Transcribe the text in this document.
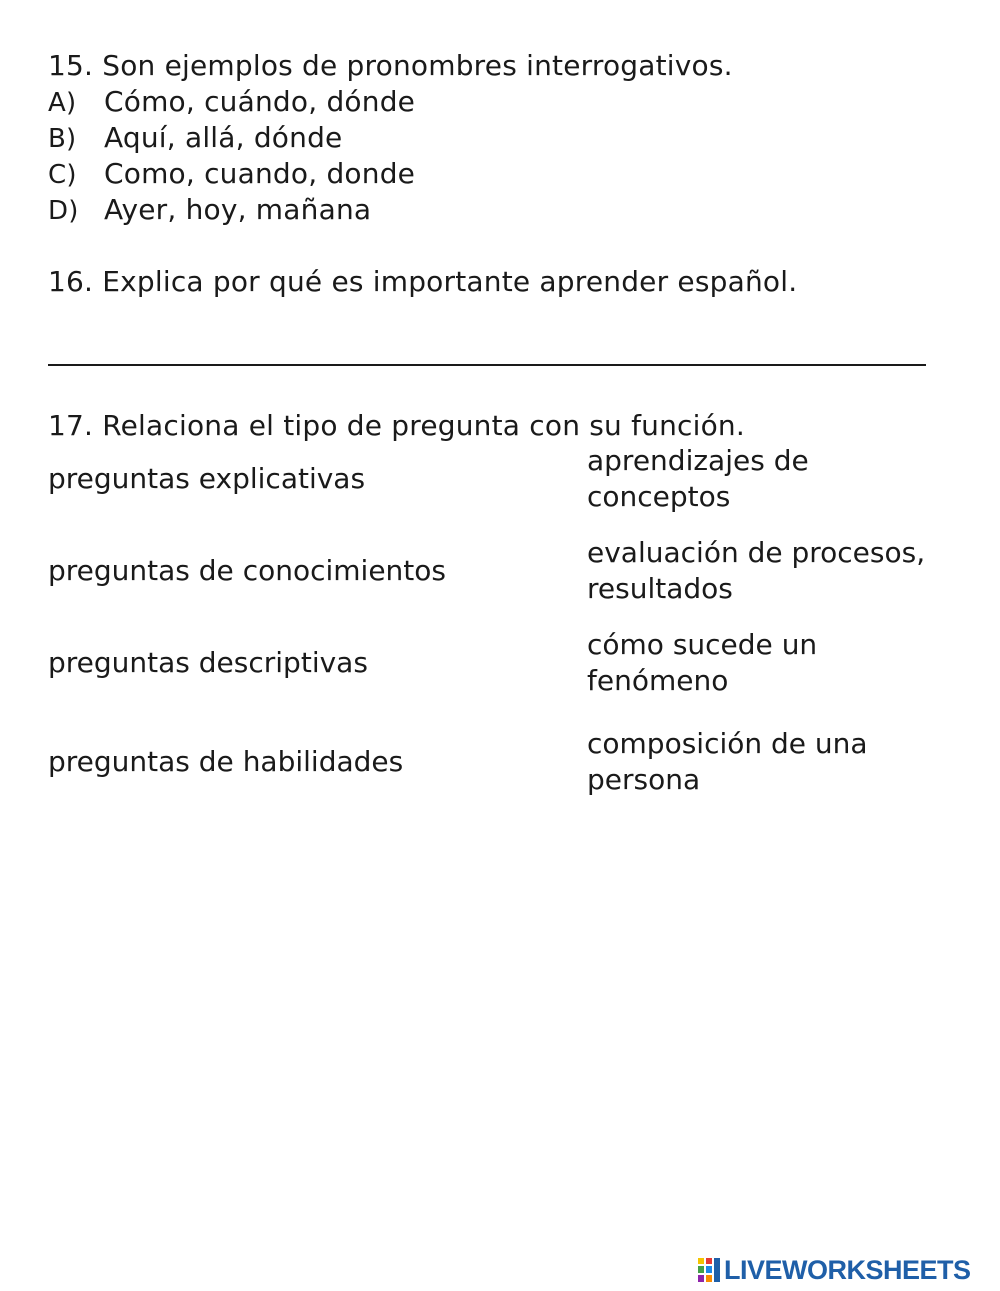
15. Son ejemplos de pronombres interrogativos.
A) Cómo, cuándo, dónde
B) Aquí, allá, dónde
C) Como, cuando, donde
D) Ayer, hoy, mañana
16. Explica por qué es importante aprender español.
17. Relaciona el tipo de pregunta con su función.
preguntas explicativas
preguntas de conocimientos
preguntas descriptivas
preguntas de habilidades
aprendizajes de
conceptos
evaluación de procesos,
resultados
cómo sucede un
fenómeno
composición de una
persona
LIVEWORKSHEETS
